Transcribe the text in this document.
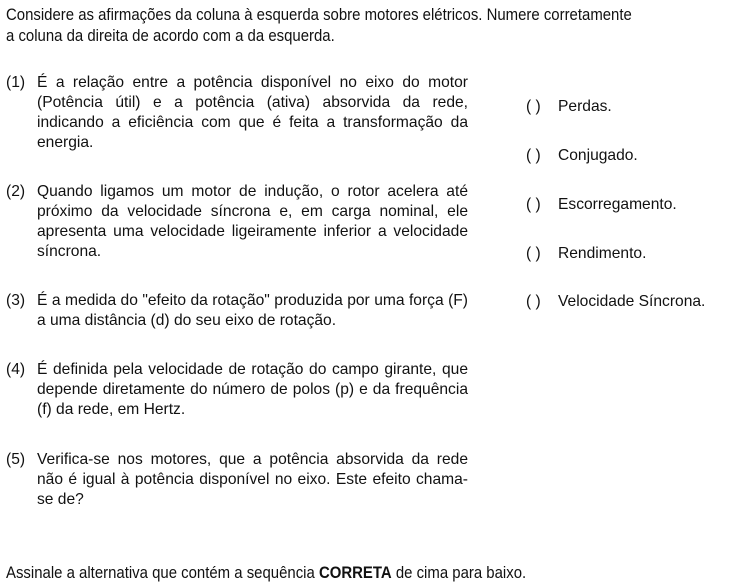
Considere as afirmações da coluna à esquerda sobre motores elétricos. Numere corretamente
a coluna da direita de acordo com a da esquerda.
(1) É a relação entre a potência disponível no eixo do motor (Potência útil) e a potência (ativa) absorvida da rede, indicando a eficiência com que é feita a transformação da energia.
(2) Quando ligamos um motor de indução, o rotor acelera até próximo da velocidade síncrona e, em carga nominal, ele apresenta uma velocidade ligeiramente inferior a velocidade síncrona.
(3) É a medida do "efeito da rotação" produzida por uma força (F) a uma distância (d) do seu eixo de rotação.
(4) É definida pela velocidade de rotação do campo girante, que depende diretamente do número de polos (p) e da frequência (f) da rede, em Hertz.
(5) Verifica-se nos motores, que a potência absorvida da rede não é igual à potência disponível no eixo. Este efeito chama-se de?
( ) Perdas.
( ) Conjugado.
( ) Escorregamento.
( ) Rendimento.
( ) Velocidade Síncrona.
Assinale a alternativa que contém a sequência CORRETA de cima para baixo.
